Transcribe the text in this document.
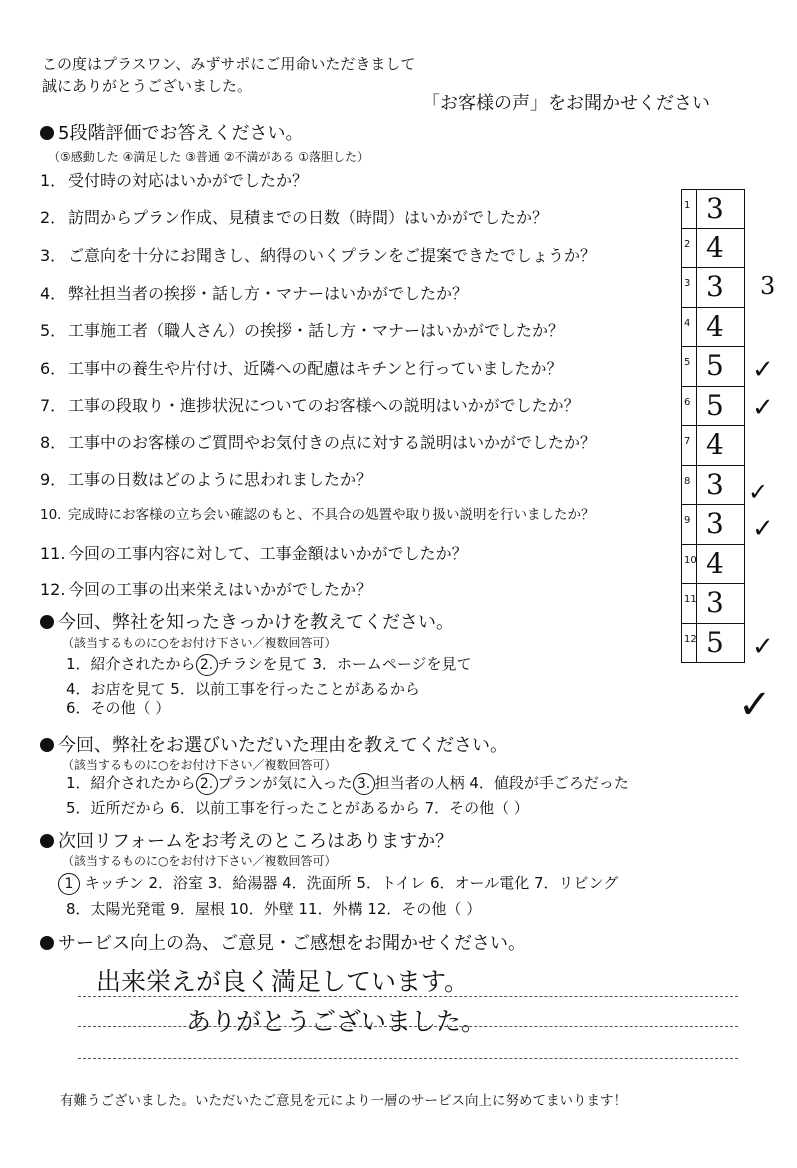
この度はプラスワン、みずサポにご用命いただきまして
誠にありがとうございました。
「お客様の声」をお聞かせください
5段階評価でお答えください。
（⑤感動した ④満足した ③普通 ②不満がある ①落胆した）
1． 受付時の対応はいかがでしたか？
2． 訪問からプラン作成、見積までの日数（時間）はいかがでしたか？
3． ご意向を十分にお聞きし、納得のいくプランをご提案できたでしょうか？
4． 弊社担当者の挨拶・話し方・マナーはいかがでしたか？
5． 工事施工者（職人さん）の挨拶・話し方・マナーはいかがでしたか？
6． 工事中の養生や片付け、近隣への配慮はキチンと行っていましたか？
7． 工事の段取り・進捗状況についてのお客様への説明はいかがでしたか？
8． 工事中のお客様のご質問やお気付きの点に対する説明はいかがでしたか？
9． 工事の日数はどのように思われましたか？
10. 完成時にお客様の立ち会い確認のもと、不具合の処置や取り扱い説明を行いましたか？
11. 今回の工事内容に対して、工事金額はいかがでしたか？
12. 今回の工事の出来栄えはいかがでしたか？
1 3
2 4
3 3
4 4
5 5
6 5
7 4
8 3
9 3
10 4
11 3
12 5
3
✓
✓
✓
✓
✓
✓
今回、弊社を知ったきっかけを教えてください。
（該当するものに○をお付け下さい／複数回答可）
1．紹介されたから 2. チラシを見て 3．ホームページを見て
4．お店を見て 5．以前工事を行ったことがあるから
6．その他（ ）
今回、弊社をお選びいただいた理由を教えてください。
（該当するものに○をお付け下さい／複数回答可）
1．紹介されたから 2. プランが気に入った 3. 担当者の人柄 4．値段が手ごろだった
5．近所だから 6．以前工事を行ったことがあるから 7．その他（ ）
次回リフォームをお考えのところはありますか？
（該当するものに○をお付け下さい／複数回答可）
1 キッチン 2．浴室 3．給湯器 4．洗面所 5．トイレ 6．オール電化 7．リビング
8．太陽光発電 9．屋根 10．外壁 11．外構 12．その他（ ）
サービス向上の為、ご意見・ご感想をお聞かせください。
出来栄えが良く満足しています。
ありがとうございました。
有難うございました。いただいたご意見を元により一層のサービス向上に努めてまいります！
